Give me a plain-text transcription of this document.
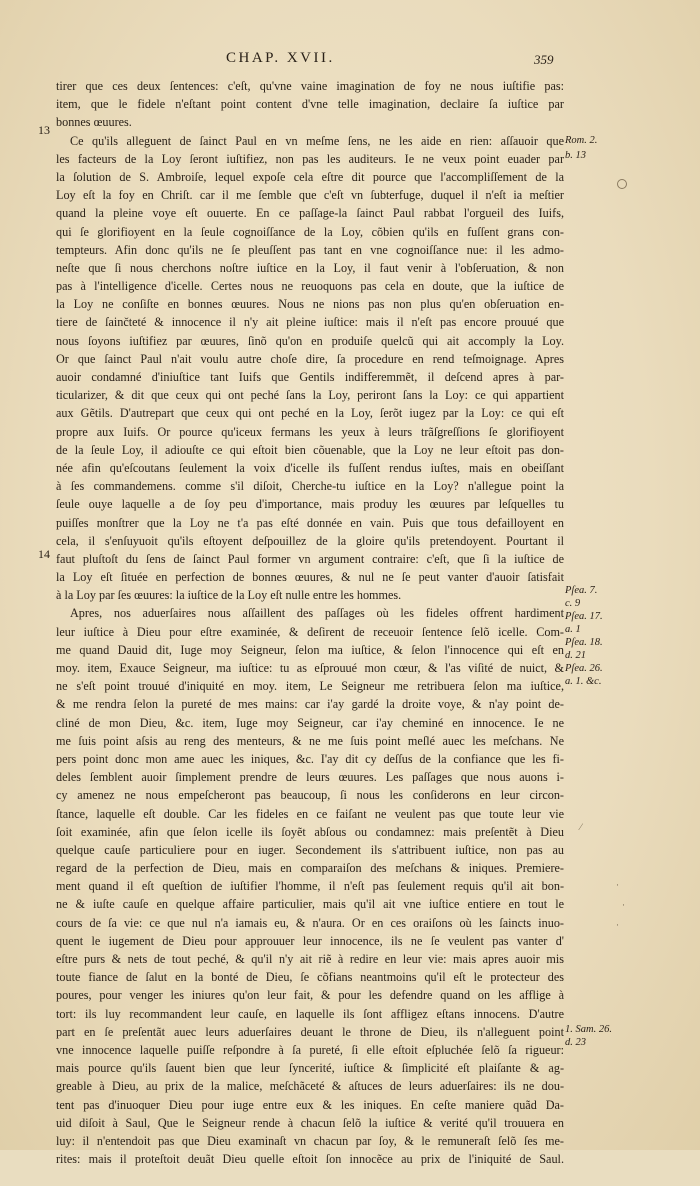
CHAP. XVII.	359
13
14
tirer que ces deux ſentences: c'eſt, qu'vne vaine imagination de foy ne nous iuſtifie pas:
item, que le fidele n'eſtant point content d'vne telle imagination, declaire ſa iuſtice par
bonnes œuures.
Ce qu'ils alleguent de ſainct Paul en vn meſme ſens, ne les aide en rien: aſſauoir que
les facteurs de la Loy ſeront iuſtifiez, non pas les auditeurs. Ie ne veux point euader par
la ſolution de S. Ambroiſe, lequel expoſe cela eſtre dit pource que l'accompliſſement de la
Loy eſt la foy en Chriſt. car il me ſemble que c'eſt vn ſubterfuge, duquel il n'eſt ia meſtier
quand la pleine voye eſt ouuerte. En ce paſſage-la ſainct Paul rabbat l'orgueil des Iuifs,
qui ſe glorifioyent en la ſeule cognoiſſance de la Loy, cõbien qu'ils en fuſſent grans con-
tempteurs. Afin donc qu'ils ne ſe pleuſſent pas tant en vne cognoiſſance nue: il les admo-
neſte que ſi nous cherchons noſtre iuſtice en la Loy, il faut venir à l'obſeruation, & non
pas à l'intelligence d'icelle. Certes nous ne reuoquons pas cela en doute, que la iuſtice de
la Loy ne conſiſte en bonnes œuures. Nous ne nions pas non plus qu'en obſeruation en-
tiere de ſainčteté & innocence il n'y ait pleine iuſtice: mais il n'eſt pas encore prouué que
nous ſoyons iuſtifiez par œuures, ſinõ qu'on en produiſe quelcũ qui ait accomply la Loy.
Or que ſainct Paul n'ait voulu autre choſe dire, ſa procedure en rend teſmoignage. Apres
auoir condamné d'iniuſtice tant Iuifs que Gentils indifferemmẽt, il deſcend apres à par-
ticularizer, & dit que ceux qui ont peché ſans la Loy, periront ſans la Loy: ce qui appartient
aux Gẽtils. D'autrepart que ceux qui ont peché en la Loy, ſerõt iugez par la Loy: ce qui eſt
propre aux Iuifs. Or pource qu'iceux fermans les yeux à leurs trãſgreſſions ſe glorifioyent
de la ſeule Loy, il adiouſte ce qui eſtoit bien cõuenable, que la Loy ne leur eſtoit pas don-
née afin qu'eſcoutans ſeulement la voix d'icelle ils fuſſent rendus iuſtes, mais en obeiſſant
à ſes commandemens. comme s'il diſoit, Cherche-tu iuſtice en la Loy? n'allegue point la
ſeule ouye laquelle a de ſoy peu d'importance, mais produy les œuures par leſquelles tu
puiſſes monſtrer que la Loy ne t'a pas eſté donnée en vain. Puis que tous defailloyent en
cela, il s'enſuyuoit qu'ils eſtoyent deſpouillez de la gloire qu'ils pretendoyent. Pourtant il
faut pluſtoſt du ſens de ſainct Paul former vn argument contraire: c'eſt, que ſi la iuſtice de
la Loy eſt ſituée en perfection de bonnes œuures, & nul ne ſe peut vanter d'auoir ſatisfait
à la Loy par ſes œuures: la iuſtice de la Loy eſt nulle entre les hommes.
Apres, nos aduerſaires nous aſſaillent des paſſages où les fideles offrent hardiment
leur iuſtice à Dieu pour eſtre examinée, & deſirent de receuoir ſentence ſelõ icelle. Com-
me quand Dauid dit, Iuge moy Seigneur, ſelon ma iuſtice, & ſelon l'innocence qui eſt en
moy. item, Exauce Seigneur, ma iuſtice: tu as eſprouué mon cœur, & l'as viſité de nuict, &
ne s'eſt point trouué d'iniquité en moy. item, Le Seigneur me retribuera ſelon ma iuſtice,
& me rendra ſelon la pureté de mes mains: car i'ay gardé la droite voye, & n'ay point de-
cliné de mon Dieu, &c. item, Iuge moy Seigneur, car i'ay cheminé en innocence. Ie ne
me ſuis point aſsis au reng des menteurs, & ne me ſuis point meſlé auec les meſchans. Ne
pers point donc mon ame auec les iniques, &c. I'ay dit cy deſſus de la confiance que les fi-
deles ſemblent auoir ſimplement prendre de leurs œuures. Les paſſages que nous auons i-
cy amenez ne nous empeſcheront pas beaucoup, ſi nous les conſiderons en leur circon-
ſtance, laquelle eſt double. Car les fideles en ce faiſant ne veulent pas que toute leur vie
ſoit examinée, afin que ſelon icelle ils ſoyẽt abſous ou condamnez: mais preſentẽt à Dieu
quelque cauſe particuliere pour en iuger. Secondement ils s'attribuent iuſtice, non pas au
regard de la perfection de Dieu, mais en comparaiſon des meſchans & iniques. Premiere-
ment quand il eſt queſtion de iuſtifier l'homme, il n'eſt pas ſeulement requis qu'il ait bon-
ne & iuſte cauſe en quelque affaire particulier, mais qu'il ait vne iuſtice entiere en tout le
cours de ſa vie: ce que nul n'a iamais eu, & n'aura. Or en ces oraiſons où les ſaincts inuo-
quent le iugement de Dieu pour approuuer leur innocence, ils ne ſe veulent pas vanter d'
eſtre purs & nets de tout peché, & qu'il n'y ait riẽ à redire en leur vie: mais apres auoir mis
toute fiance de ſalut en la bonté de Dieu, ſe cõfians neantmoins qu'il eſt le protecteur des
poures, pour venger les iniures qu'on leur fait, & pour les defendre quand on les afflige à
tort: ils luy recommandent leur cauſe, en laquelle ils ſont affligez eſtans innocens. D'autre
part en ſe preſentãt auec leurs aduerſaires deuant le throne de Dieu, ils n'alleguent point
vne innocence laquelle puiſſe reſpondre à ſa pureté, ſi elle eſtoit eſpluchée ſelõ ſa rigueur:
mais pource qu'ils ſauent bien que leur ſyncerité, iuſtice & ſimplicité eſt plaiſante & ag-
greable à Dieu, au prix de la malice, meſchãceté & aſtuces de leurs aduerſaires: ils ne dou-
tent pas d'inuoquer Dieu pour iuge entre eux & les iniques. En ceſte maniere quãd Da-
uid diſoit à Saul, Que le Seigneur rende à chacun ſelõ la iuſtice & verité qu'il trouuera en
luy: il n'entendoit pas que Dieu examinaſt vn chacun par ſoy, & le remuneraſt ſelõ ſes me-
rites: mais il proteſtoit deuãt Dieu quelle eſtoit ſon innocẽce au prix de l'iniquité de Saul.
Rom. 2.
b. 13
Pſea. 7.
c. 9
Pſea. 17.
a. 1
Pſea. 18.
d. 21
Pſea. 26.
a. 1. &c.
1. Sam. 26.
d. 23
⁄
·
·
·
